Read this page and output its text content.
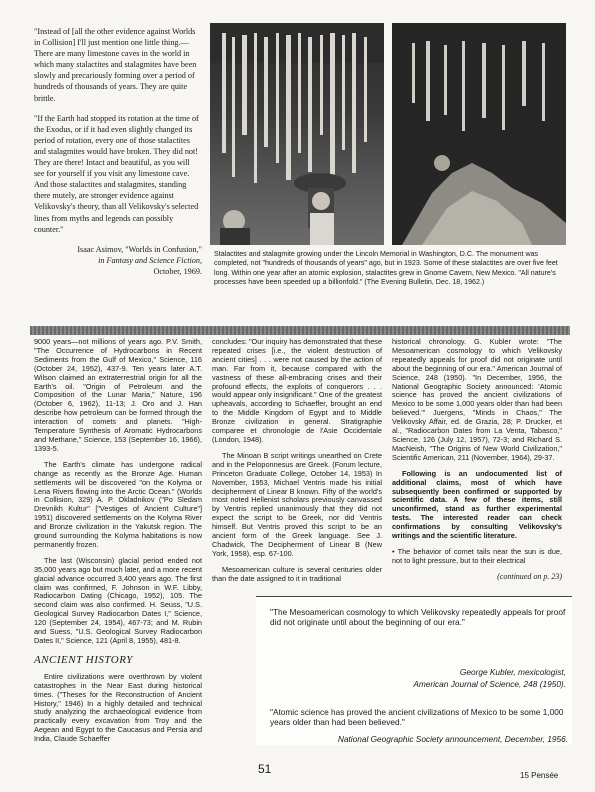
"Instead of [all the other evidence against Worlds in Collision] I'll just mention one little thing.—There are many limestone caves in the world in which many stalactites and stalagmites have been slowly and precariously forming over a period of hundreds of thousands of years. They are quite brittle.

"If the Earth had stopped its rotation at the time of the Exodus, or if it had even slightly changed its period of rotation, every one of those stalactites and stalagmites would have broken. They did not! They are there! Intact and beautiful, as you will see for yourself if you visit any limestone cave. And those stalactites and stalagmites, standing there mutely, are stronger evidence against Velikovsky's theory, than all Velikovsky's selected lines from myths and legends can possibly counter."

Isaac Asimov, "Worlds in Confusion,"
in Fantasy and Science Fiction,
October, 1969.
Stalactites and stalagmite growing under the Lincoln Memorial in Washington, D.C. The monument was completed, not "hundreds of thousands of years" ago, but in 1923. Some of these stalactites are over five feet long. Within one year after an atomic explosion, stalactites grew in Gnome Cavern, New Mexico. "All nature's processes have been speeded up a billionfold." (The Evening Bulletin, Dec. 18, 1962.)

9000 years—not millions of years ago. P.V. Smith, "The Occurrence of Hydrocarbons in Recent Sediments from the Gulf of Mexico," Science, 116 (October 24, 1952), 437-9. Ten years later A.T. Wilson claimed an extraterrestrial origin for all the Earth's oil. "Origin of Petroleum and the Composition of the Lunar Maria," Nature, 196 (October 6, 1962), 11-13; J. Oro and J. Han describe how petroleum can be formed through the interaction of comets and planets. "High-Temperature Synthesis of Aromatic Hydrocarbons and Methane," Science, 153 (September 16, 1966), 1393-5.

The Earth's climate has undergone radical change as recently as the Bronze Age. Human settlements will be discovered "on the Kolyma or Lena Rivers flowing into the Arctic Ocean." (Worlds in Collision, 329) A. P. Okladnikov ("Po Sledam Drevnikh Kultur" ["Vestiges of Ancient Culture"] 1951) discovered settlements on the Kolyma River and Bronze civilization in the Yakutsk region. The ground surrounding the Kolyma habitations is now permanently frozen.

The last (Wisconsin) glacial period ended not 35,000 years ago but much later, and a more recent glacial advance occurred 3,400 years ago. The first claim was confirmed, F. Johnson in W.F. Libby, Radiocarbon Dating (Chicago, 1952), 105. The second claim was also confirmed. H. Seuss, "U.S. Geological Survey Radiocarbon Dates I," Science, 120 (September 24, 1954), 467-73; and M. Rubin and Suess, "U.S. Geological Survey Radiocarbon Dates II," Science, 121 (April 8, 1955), 481-8.

ANCIENT HISTORY

Entire civilizations were overthrown by violent catastrophes in the Near East during historical times. ("Theses for the Reconstruction of Ancient History," 1946) In a highly detailed and technical study analyzing the archaeological evidence from practically every excavation from Troy and the Aegean and Egypt to the Caucasus and Persia and India, Claude Schaeffer

concludes: "Our inquiry has demonstrated that these repeated crises [i.e., the violent destruction of ancient cities] . . . were not caused by the action of man. Far from it, because compared with the vastness of these all-embracing crises and their profound effects, the exploits of conquerors . . . would appear only insignificant." One of the greatest upheavals, according to Schaeffer, brought an end to the Middle Kingdom of Egypt and to Middle Bronze civilization in general. Stratigraphie comparee et chronologie de l'Asie Occidentale (London, 1948).

The Minoan B script writings unearthed on Crete and in the Peloponnesus are Greek. (Forum lecture, Princeton Graduate College, October 14, 1953) In November, 1953, Michael Ventris made his initial decipherment of Linear B known. Fifty of the world's most noted Hellenist scholars previously canvassed by Ventris replied unanimously that they did not expect the script to be Greek, nor did Ventris himself. But Ventris proved this script to be an ancient form of the Greek language. See J. Chadwick, The Decipherment of Linear B (New York, 1958), esp. 67-100.

Mesoamerican culture is several centuries older than the date assigned to it in traditional

historical chronology. G. Kubler wrote: "The Mesoamerican cosmology to which Velikovsky repeatedly appeals for proof did not originate until about the beginning of our era." American Journal of Science, 248 (1950). "In December, 1956, the National Geographic Society announced: 'Atomic science has proved the ancient civilizations of Mexico to be some 1,000 years older than had been believed.'" Juergens, "Minds in Chaos," The Velikovsky Affair, ed. de Grazia, 28; P. Drucker, et al., "Radiocarbon Dates from La Venta, Tabasco," Science, 126 (July 12, 1957), 72-3; and Richard S. MacNeish, "The Origins of New World Civilization," Scientific American, 211 (November, 1964), 29-37.

Following is an undocumented list of additional claims, most of which have subsequently been confirmed or supported by scientific data. A few of these items, still unconfirmed, stand as further experimental tests. The interested reader can check confirmations by consulting Velikovsky's writings and the scientific literature.

• The behavior of comet tails near the sun is due, not to light pressure, but to their electrical

(continued on p. 23)

"The Mesoamerican cosmology to which Velikovsky repeatedly appeals for proof did not originate until about the beginning of our era."
George Kubler, mexicologist,
American Journal of Science, 248 (1950).
"Atomic science has proved the ancient civilizations of Mexico to be some 1,000 years older than had been believed."
National Geographic Society announcement, December, 1956.
51	15 Pensée
